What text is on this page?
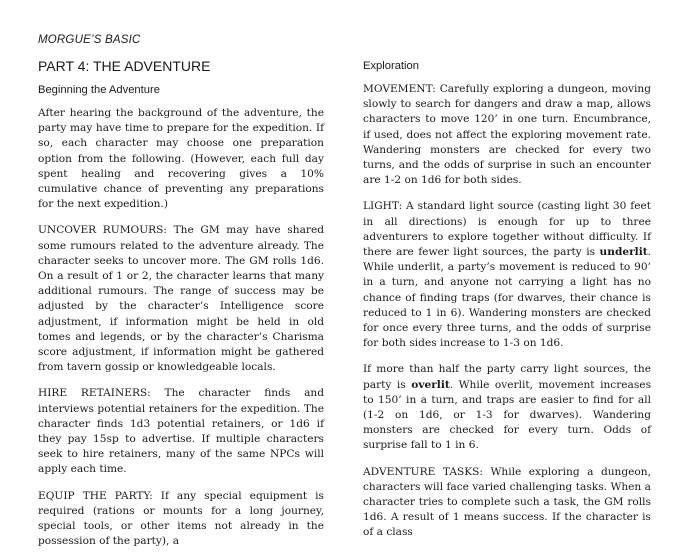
MORGUE’S BASIC
PART 4: THE ADVENTURE
Beginning the Adventure

After hearing the background of the adventure, the party may have time to prepare for the expedition. If so, each character may choose one preparation option from the following. (However, each full day spent healing and recovering gives a 10% cumulative chance of preventing any preparations for the next expedition.)

UNCOVER RUMOURS: The GM may have shared some rumours related to the adventure already. The character seeks to uncover more. The GM rolls 1d6. On a result of 1 or 2, the character learns that many additional rumours. The range of success may be adjusted by the character’s Intelligence score adjustment, if information might be held in old tomes and legends, or by the character’s Charisma score adjustment, if information might be gathered from tavern gossip or knowledgeable locals.

HIRE RETAINERS: The character finds and interviews potential retainers for the expedition. The character finds 1d3 potential retainers, or 1d6 if they pay 15sp to advertise. If multiple characters seek to hire retainers, many of the same NPCs will apply each time.

EQUIP THE PARTY: If any special equipment is required (rations or mounts for a long journey, special tools, or other items not already in the possession of the party), a

Exploration

MOVEMENT: Carefully exploring a dungeon, moving slowly to search for dangers and draw a map, allows characters to move 120’ in one turn. Encumbrance, if used, does not affect the exploring movement rate. Wandering monsters are checked for every two turns, and the odds of surprise in such an encounter are 1-2 on 1d6 for both sides.

LIGHT: A standard light source (casting light 30 feet in all directions) is enough for up to three adventurers to explore together without difficulty. If there are fewer light sources, the party is underlit. While underlit, a party’s movement is reduced to 90’ in a turn, and anyone not carrying a light has no chance of finding traps (for dwarves, their chance is reduced to 1 in 6). Wandering monsters are checked for once every three turns, and the odds of surprise for both sides increase to 1-3 on 1d6.

If more than half the party carry light sources, the party is overlit. While overlit, movement increases to 150’ in a turn, and traps are easier to find for all (1-2 on 1d6, or 1-3 for dwarves). Wandering monsters are checked for every turn. Odds of surprise fall to 1 in 6.

ADVENTURE TASKS: While exploring a dungeon, characters will face varied challenging tasks. When a character tries to complete such a task, the GM rolls 1d6. A result of 1 means success. If the character is of a class
